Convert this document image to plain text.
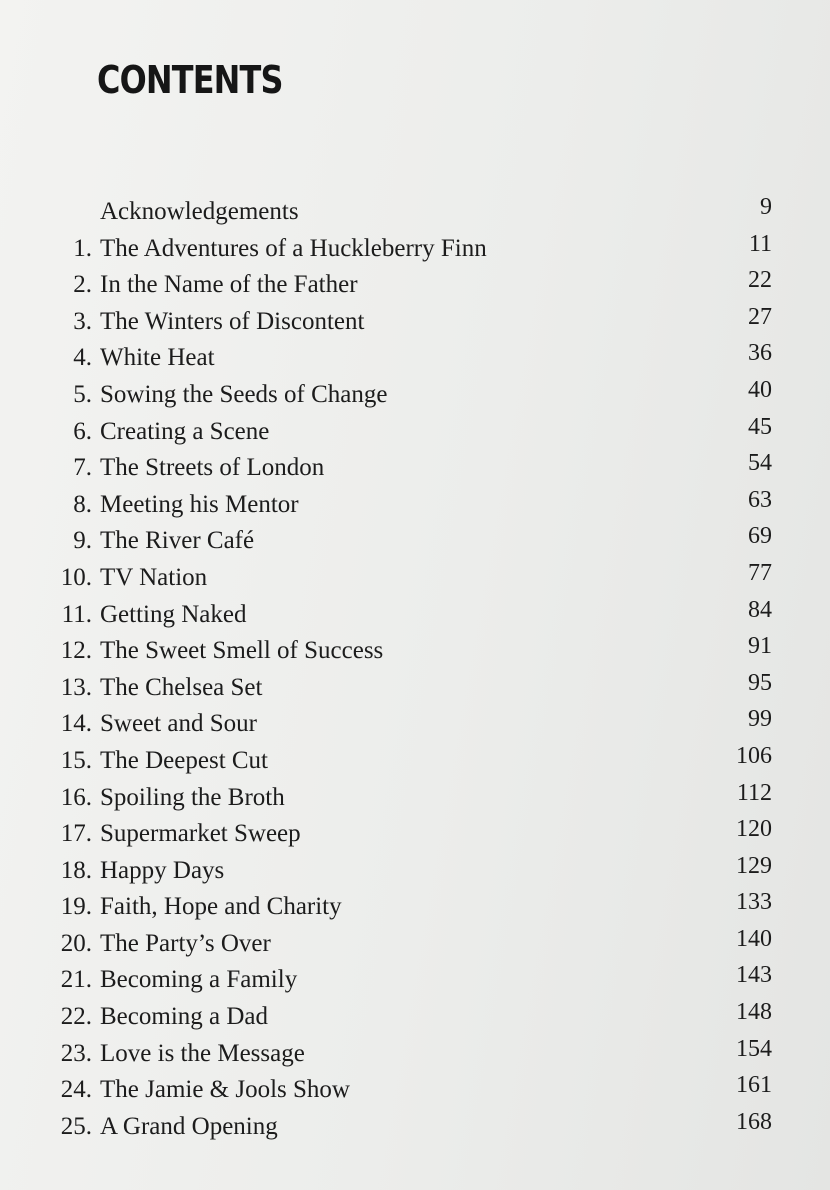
CONTENTS
Acknowledgements	9
1. The Adventures of a Huckleberry Finn	11
2. In the Name of the Father	22
3. The Winters of Discontent	27
4. White Heat	36
5. Sowing the Seeds of Change	40
6. Creating a Scene	45
7. The Streets of London	54
8. Meeting his Mentor	63
9. The River Café	69
10. TV Nation	77
11. Getting Naked	84
12. The Sweet Smell of Success	91
13. The Chelsea Set	95
14. Sweet and Sour	99
15. The Deepest Cut	106
16. Spoiling the Broth	112
17. Supermarket Sweep	120
18. Happy Days	129
19. Faith, Hope and Charity	133
20. The Party’s Over	140
21. Becoming a Family	143
22. Becoming a Dad	148
23. Love is the Message	154
24. The Jamie & Jools Show	161
25. A Grand Opening	168
